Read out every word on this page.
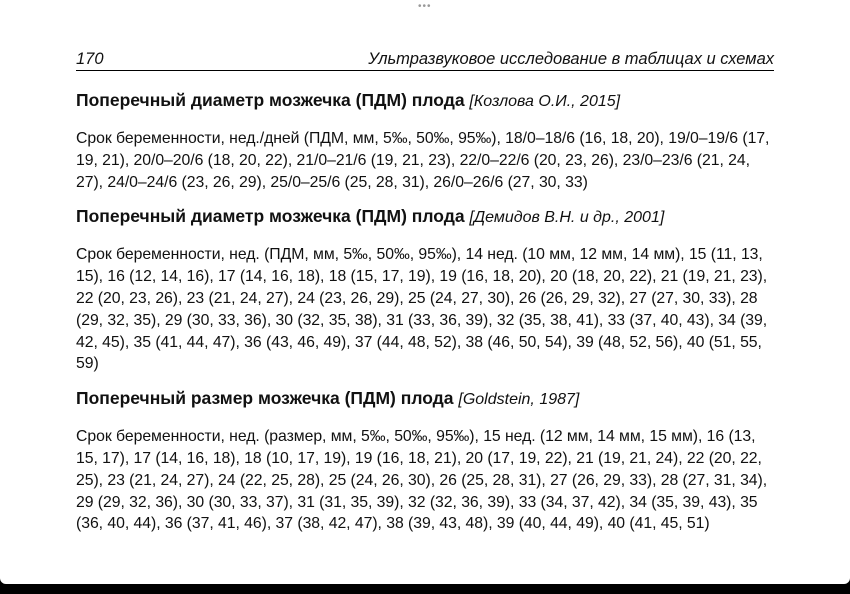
•••
170	Ультразвуковое исследование в таблицах и схемах

Поперечный диаметр мозжечка (ПДМ) плода [Козлова О.И., 2015]

Срок беременности, нед./дней (ПДМ, мм, 5‰, 50‰, 95‰), 18/0–18/6 (16, 18, 20), 19/0–19/6 (17, 19, 21), 20/0–20/6 (18, 20, 22), 21/0–21/6 (19, 21, 23), 22/0–22/6 (20, 23, 26), 23/0–23/6 (21, 24, 27), 24/0–24/6 (23, 26, 29), 25/0–25/6 (25, 28, 31), 26/0–26/6 (27, 30, 33)

Поперечный диаметр мозжечка (ПДМ) плода [Демидов В.Н. и др., 2001]

Срок беременности, нед. (ПДМ, мм, 5‰, 50‰, 95‰), 14 нед. (10 мм, 12 мм, 14 мм), 15 (11, 13, 15), 16 (12, 14, 16), 17 (14, 16, 18), 18 (15, 17, 19), 19 (16, 18, 20), 20 (18, 20, 22), 21 (19, 21, 23), 22 (20, 23, 26), 23 (21, 24, 27), 24 (23, 26, 29), 25 (24, 27, 30), 26 (26, 29, 32), 27 (27, 30, 33), 28 (29, 32, 35), 29 (30, 33, 36), 30 (32, 35, 38), 31 (33, 36, 39), 32 (35, 38, 41), 33 (37, 40, 43), 34 (39, 42, 45), 35 (41, 44, 47), 36 (43, 46, 49), 37 (44, 48, 52), 38 (46, 50, 54), 39 (48, 52, 56), 40 (51, 55, 59)

Поперечный размер мозжечка (ПДМ) плода [Goldstein, 1987]

Срок беременности, нед. (размер, мм, 5‰, 50‰, 95‰), 15 нед. (12 мм, 14 мм, 15 мм), 16 (13, 15, 17), 17 (14, 16, 18), 18 (10, 17, 19), 19 (16, 18, 21), 20 (17, 19, 22), 21 (19, 21, 24), 22 (20, 22, 25), 23 (21, 24, 27), 24 (22, 25, 28), 25 (24, 26, 30), 26 (25, 28, 31), 27 (26, 29, 33), 28 (27, 31, 34), 29 (29, 32, 36), 30 (30, 33, 37), 31 (31, 35, 39), 32 (32, 36, 39), 33 (34, 37, 42), 34 (35, 39, 43), 35 (36, 40, 44), 36 (37, 41, 46), 37 (38, 42, 47), 38 (39, 43, 48), 39 (40, 44, 49), 40 (41, 45, 51)
